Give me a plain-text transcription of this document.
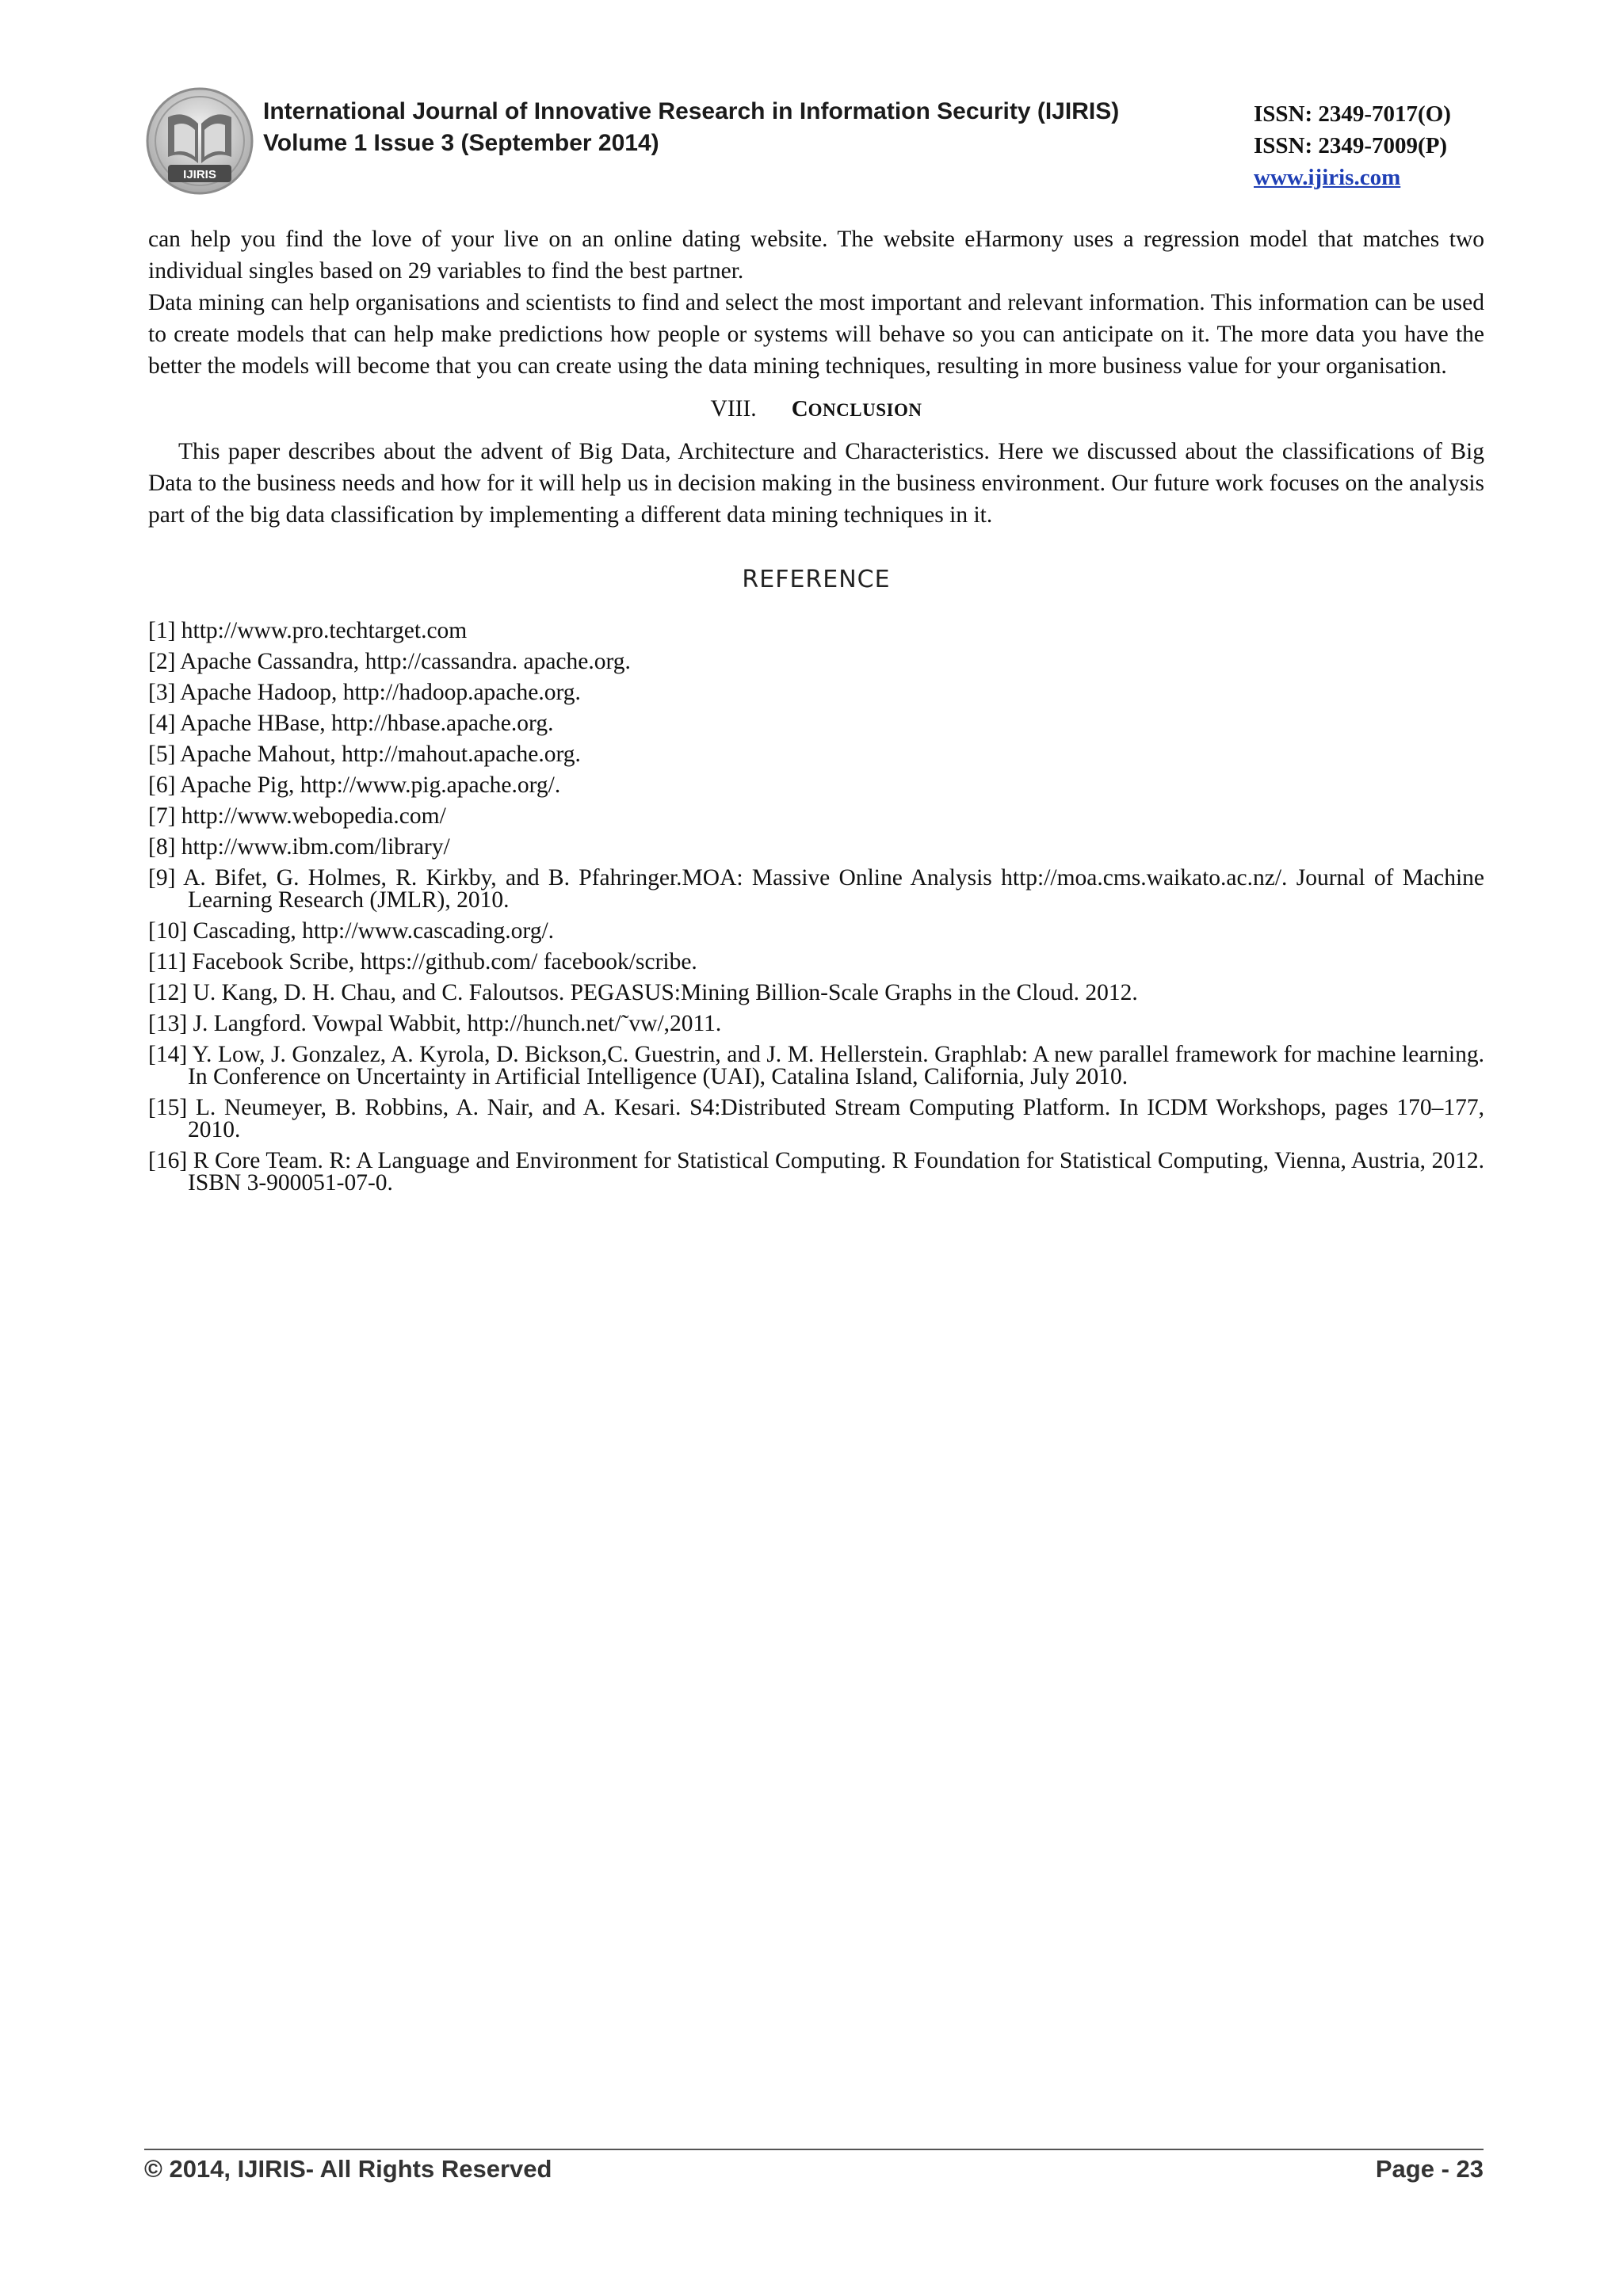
IJIRIS
International Journal of Innovative Research in Information Security (IJIRIS)
Volume 1 Issue 3 (September 2014)
ISSN: 2349-7017(O)
ISSN: 2349-7009(P)
www.ijiris.com

can help you find the love of your live on an online dating website. The website eHarmony uses a regression model that matches two individual singles based on 29 variables to find the best partner.

Data mining can help organisations and scientists to find and select the most important and relevant information. This information can be used to create models that can help make predictions how people or systems will behave so you can anticipate on it. The more data you have the better the models will become that you can create using the data mining techniques, resulting in more business value for your organisation.

VIII. CONCLUSION

This paper describes about the advent of Big Data, Architecture and Characteristics. Here we discussed about the classifications of Big Data to the business needs and how for it will help us in decision making in the business environment. Our future work focuses on the analysis part of the big data classification by implementing a different data mining techniques in it.

REFERENCE
[1] http://www.pro.techtarget.com
[2] Apache Cassandra, http://cassandra. apache.org.
[3] Apache Hadoop, http://hadoop.apache.org.
[4] Apache HBase, http://hbase.apache.org.
[5] Apache Mahout, http://mahout.apache.org.
[6] Apache Pig, http://www.pig.apache.org/.
[7] http://www.webopedia.com/
[8] http://www.ibm.com/library/
[9] A. Bifet, G. Holmes, R. Kirkby, and B. Pfahringer.MOA: Massive Online Analysis http://moa.cms.waikato.ac.nz/. Journal of Machine Learning Research (JMLR), 2010.
[10] Cascading, http://www.cascading.org/.
[11] Facebook Scribe, https://github.com/ facebook/scribe.
[12] U. Kang, D. H. Chau, and C. Faloutsos. PEGASUS:Mining Billion-Scale Graphs in the Cloud. 2012.
[13] J. Langford. Vowpal Wabbit, http://hunch.net/˜vw/,2011.
[14] Y. Low, J. Gonzalez, A. Kyrola, D. Bickson,C. Guestrin, and J. M. Hellerstein. Graphlab: A new parallel framework for machine learning. In Conference on Uncertainty in Artificial Intelligence (UAI), Catalina Island, California, July 2010.
[15] L. Neumeyer, B. Robbins, A. Nair, and A. Kesari. S4:Distributed Stream Computing Platform. In ICDM Workshops, pages 170–177, 2010.
[16] R Core Team. R: A Language and Environment for Statistical Computing. R Foundation for Statistical Computing, Vienna, Austria, 2012. ISBN 3-900051-07-0.
© 2014, IJIRIS- All Rights Reserved	Page - 23
